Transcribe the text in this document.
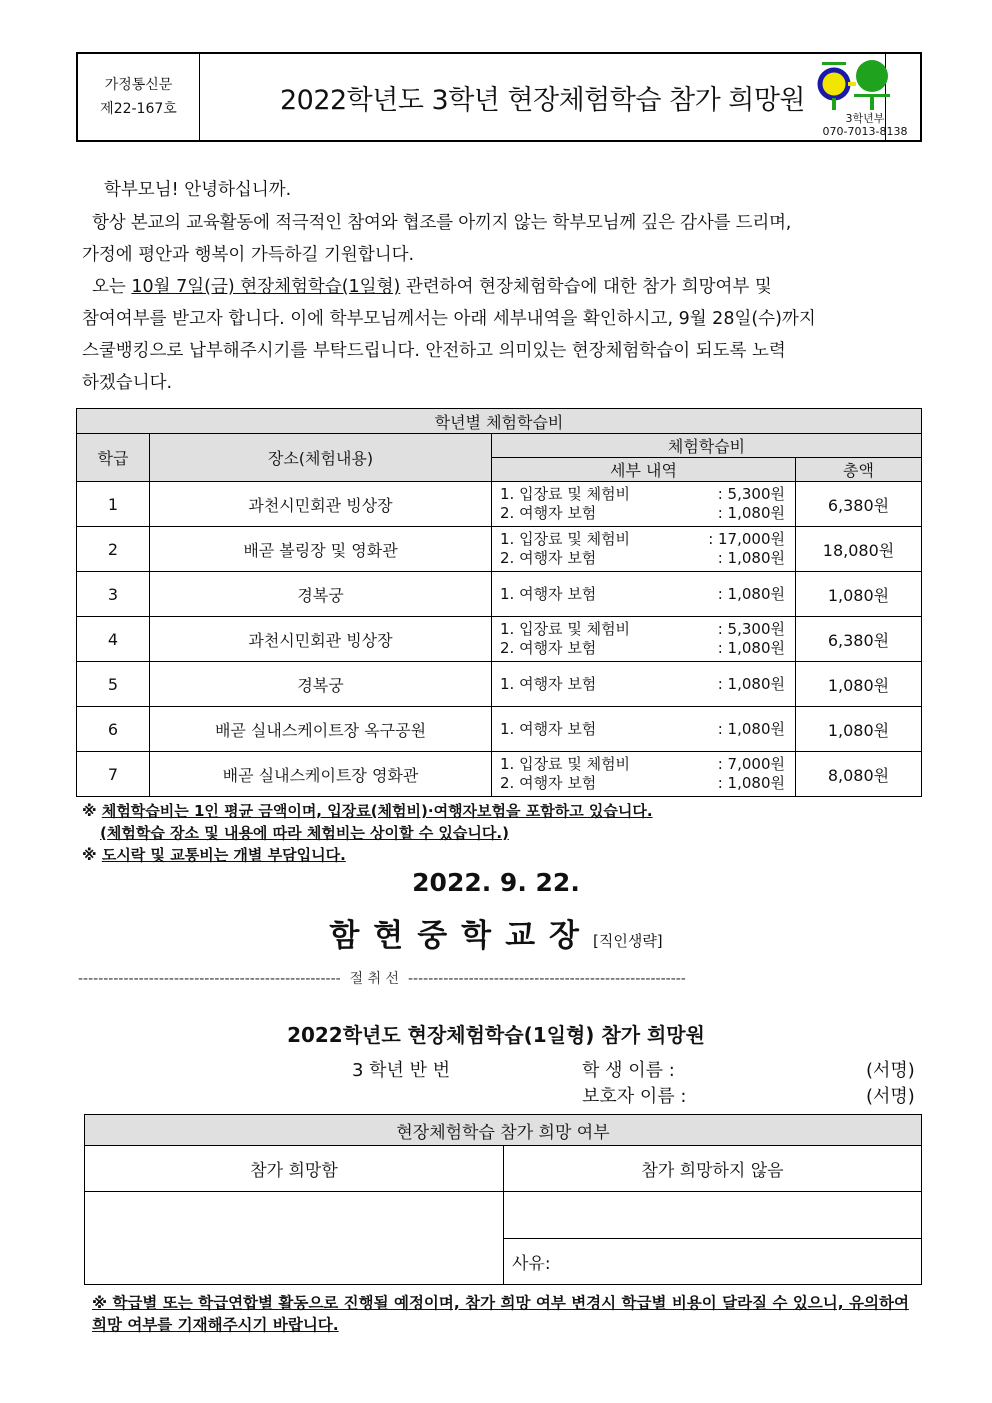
가정통신문
제22-167호	2022학년도 3학년 현장체험학습 참가 희망원
3학년부
070-7013-8138
학부모님! 안녕하십니까.
항상 본교의 교육활동에 적극적인 참여와 협조를 아끼지 않는 학부모님께 깊은 감사를 드리며,
가정에 평안과 행복이 가득하길 기원합니다.
오는 10월 7일(금) 현장체험학습(1일형) 관련하여 현장체험학습에 대한 참가 희망여부 및
참여여부를 받고자 합니다. 이에 학부모님께서는 아래 세부내역을 확인하시고, 9월 28일(수)까지
스쿨뱅킹으로 납부해주시기를 부탁드립니다. 안전하고 의미있는 현장체험학습이 되도록 노력
하겠습니다.
학년별 체험학습비			
학급	장소(체험내용)	체험학습비	
		세부 내역	총액
1	과천시민회관 빙상장	1. 입장료 및 체험비 : 5,300원
2. 여행자 보험 : 1,080원	6,380원
2	배곧 볼링장 및 영화관	1. 입장료 및 체험비 : 17,000원
2. 여행자 보험 : 1,080원	18,080원
3	경복궁	1. 여행자 보험 : 1,080원	1,080원
4	과천시민회관 빙상장	1. 입장료 및 체험비 : 5,300원
2. 여행자 보험 : 1,080원	6,380원
5	경복궁	1. 여행자 보험 : 1,080원	1,080원
6	배곧 실내스케이트장 옥구공원	1. 여행자 보험 : 1,080원	1,080원
7	배곧 실내스케이트장 영화관	1. 입장료 및 체험비 : 7,000원
2. 여행자 보험 : 1,080원	8,080원
※ 체험학습비는 1인 평균 금액이며, 입장료(체험비)·여행자보험을 포함하고 있습니다.
(체험학습 장소 및 내용에 따라 체험비는 상이할 수 있습니다.)
※ 도시락 및 교통비는 개별 부담입니다.
2022. 9. 22.
함현중학교장[직인생략]
---------------------------------------------------- 절 취 선 -------------------------------------------------------
2022학년도 현장체험학습(1일형) 참가 희망원
3 학년 반 번	학 생 이름 :	(서명)
보호자 이름 :	(서명)
현장체험학습 참가 희망 여부	
참가 희망함	참가 희망하지 않음

	사유:
※ 학급별 또는 학급연합별 활동으로 진행될 예정이며, 참가 희망 여부 변경시 학급별 비용이 달라질 수 있으니, 유의하여 희망 여부를 기재해주시기 바랍니다.
